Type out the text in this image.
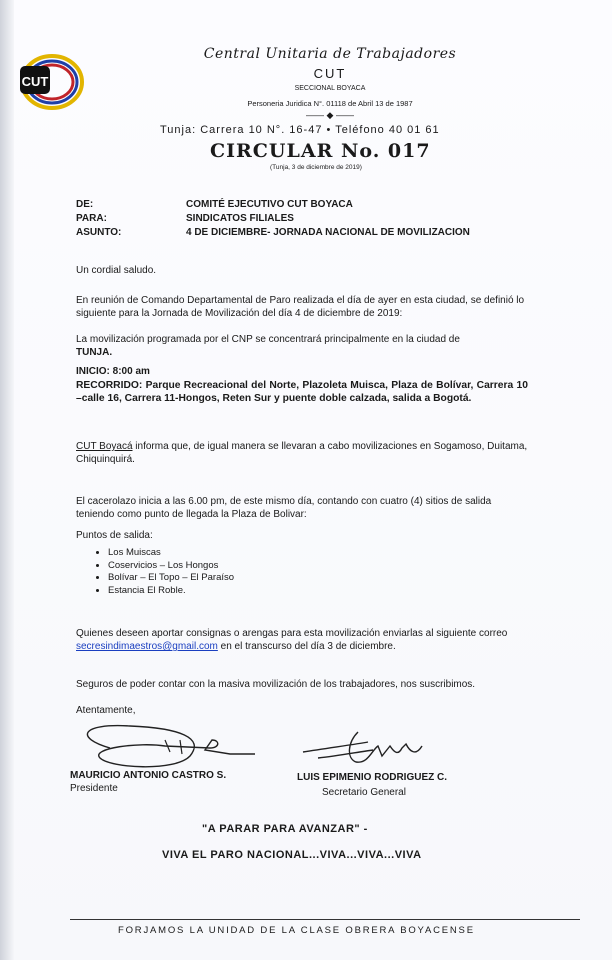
CUT
Central Unitaria de Trabajadores
CUT
SECCIONAL BOYACA
Personeria Juridica N°. 01118 de Abril 13 de 1987
—— ◆ ——
Tunja: Carrera 10 N°. 16-47 • Teléfono 40 01 61
CIRCULAR No. 017
(Tunja, 3 de diciembre de 2019)
DE:	COMITÉ EJECUTIVO CUT BOYACA
PARA:	SINDICATOS FILIALES
ASUNTO:	4 DE DICIEMBRE- JORNADA NACIONAL DE MOVILIZACION
Un cordial saludo.
En reunión de Comando Departamental de Paro realizada el día de ayer en esta ciudad, se definió lo siguiente para la Jornada de Movilización del día 4 de diciembre de 2019:
La movilización programada por el CNP se concentrará principalmente en la ciudad de
TUNJA.
INICIO: 8:00 am
RECORRIDO: Parque Recreacional del Norte, Plazoleta Muisca, Plaza de Bolívar, Carrera 10 –calle 16, Carrera 11-Hongos, Reten Sur y puente doble calzada, salida a Bogotá.
CUT Boyacá informa que, de igual manera se llevaran a cabo movilizaciones en Sogamoso, Duitama, Chiquinquirá.
El cacerolazo inicia a las 6.00 pm, de este mismo día, contando con cuatro (4) sitios de salida teniendo como punto de llegada la Plaza de Bolivar:
Puntos de salida:
• Los Muiscas
• Coservicios – Los Hongos
• Bolívar – El Topo – El Paraíso
• Estancia El Roble.
Quienes deseen aportar consignas o arengas para esta movilización enviarlas al siguiente correo secresindimaestros@gmail.com en el transcurso del día 3 de diciembre.
Seguros de poder contar con la masiva movilización de los trabajadores, nos suscribimos.
Atentamente,
MAURICIO ANTONIO CASTRO S.
Presidente
LUIS EPIMENIO RODRIGUEZ C.
Secretario General
"A PARAR PARA AVANZAR" -
VIVA EL PARO NACIONAL...VIVA...VIVA...VIVA
FORJAMOS LA UNIDAD DE LA CLASE OBRERA BOYACENSE
